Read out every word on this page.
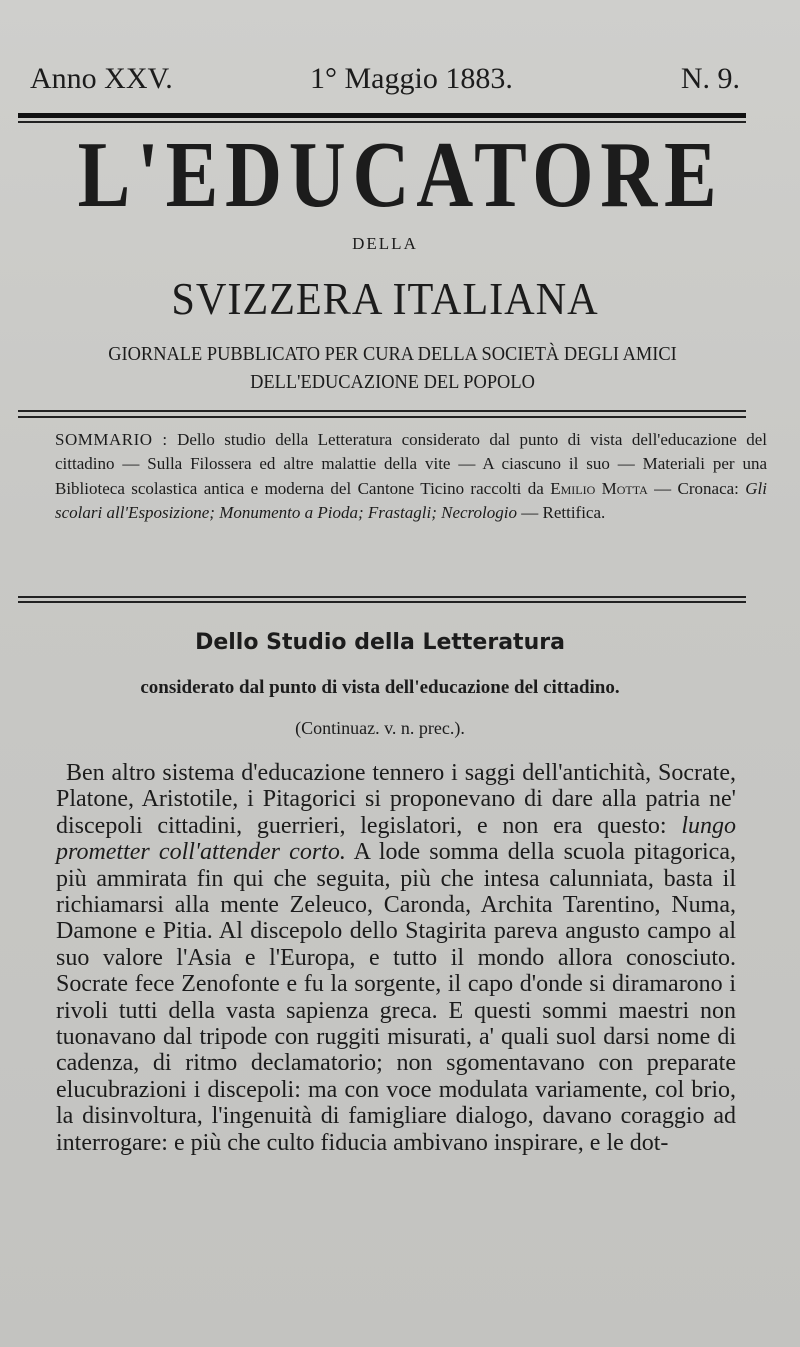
Anno XXV.	1° Maggio 1883.	N. 9.
L'EDUCATORE
DELLA
SVIZZERA ITALIANA
GIORNALE PUBBLICATO PER CURA DELLA SOCIETÀ DEGLI AMICI
DELL'EDUCAZIONE DEL POPOLO
SOMMARIO : Dello studio della Letteratura considerato dal punto di vista dell'educazione del cittadino — Sulla Filossera ed altre malattie della vite — A ciascuno il suo — Materiali per una Biblioteca scolastica antica e moderna del Cantone Ticino raccolti da Emilio Motta — Cronaca: Gli scolari all'Esposizione; Monumento a Pioda; Frastagli; Necrologio — Rettifica.
Dello Studio della Letteratura
considerato dal punto di vista dell'educazione del cittadino.
(Continuaz. v. n. prec.).
Ben altro sistema d'educazione tennero i saggi dell'antichità, Socrate, Platone, Aristotile, i Pitagorici si proponevano di dare alla patria ne' discepoli cittadini, guerrieri, legislatori, e non era questo: lungo prometter coll'attender corto. A lode somma della scuola pitagorica, più ammirata fin qui che seguita, più che intesa calunniata, basta il richiamarsi alla mente Zeleuco, Caronda, Archita Tarentino, Numa, Damone e Pitia. Al discepolo dello Stagirita pareva angusto campo al suo valore l'Asia e l'Europa, e tutto il mondo allora conosciuto. Socrate fece Zenofonte e fu la sorgente, il capo d'onde si diramarono i rivoli tutti della vasta sapienza greca. E questi sommi maestri non tuonavano dal tripode con ruggiti misurati, a' quali suol darsi nome di cadenza, di ritmo declamatorio; non sgomentavano con preparate elucubrazioni i discepoli: ma con voce modulata variamente, col brio, la disinvoltura, l'ingenuità di famigliare dialogo, davano coraggio ad interrogare: e più che culto fiducia ambivano inspirare, e le dot-
